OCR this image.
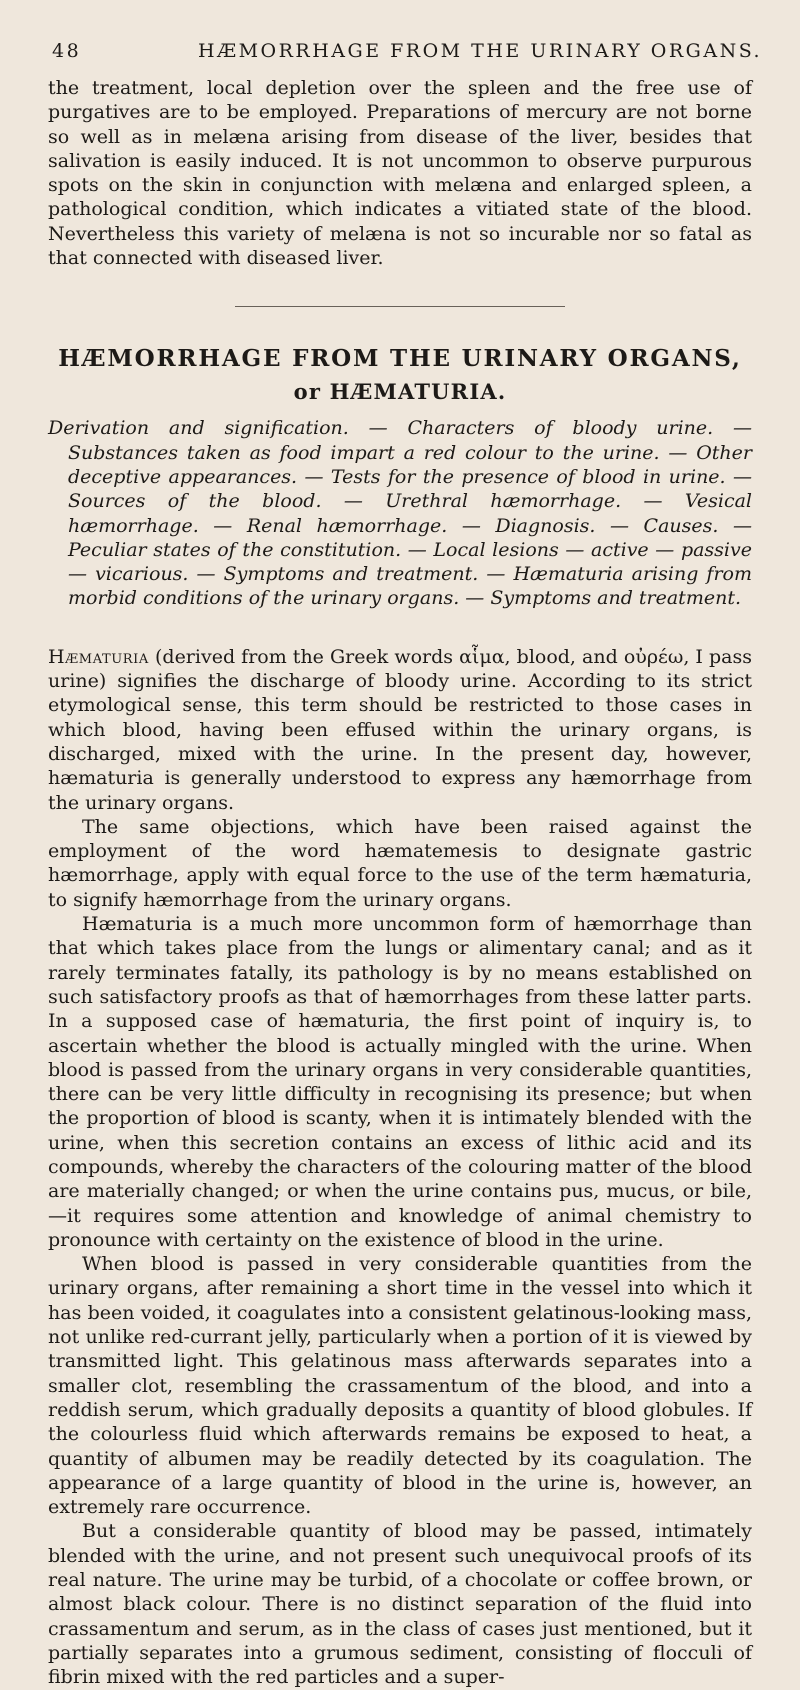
48	HÆMORRHAGE FROM THE URINARY ORGANS.

the treatment, local depletion over the spleen and the free use of purgatives are to be employed. Preparations of mercury are not borne so well as in melæna arising from disease of the liver, besides that salivation is easily induced. It is not uncommon to observe purpurous spots on the skin in conjunction with melæna and enlarged spleen, a pathological condition, which indicates a vitiated state of the blood. Nevertheless this variety of melæna is not so incurable nor so fatal as that connected with diseased liver.

HÆMORRHAGE FROM THE URINARY ORGANS,
or HÆMATURIA.

Derivation and signification. — Characters of bloody urine. — Substances taken as food impart a red colour to the urine. — Other deceptive appearances. — Tests for the presence of blood in urine. — Sources of the blood. — Urethral hæmorrhage. — Vesical hæmorrhage. — Renal hæmorrhage. — Diagnosis. — Causes. — Peculiar states of the constitution. — Local lesions — active — passive — vicarious. — Symptoms and treatment. — Hæmaturia arising from morbid conditions of the urinary organs. — Symptoms and treatment.

Hæmaturia (derived from the Greek words αἷμα, blood, and οὐρέω, I pass urine) signifies the discharge of bloody urine. According to its strict etymological sense, this term should be restricted to those cases in which blood, having been effused within the urinary organs, is discharged, mixed with the urine. In the present day, however, hæmaturia is generally understood to express any hæmorrhage from the urinary organs.

The same objections, which have been raised against the employment of the word hæmatemesis to designate gastric hæmorrhage, apply with equal force to the use of the term hæmaturia, to signify hæmorrhage from the urinary organs.

Hæmaturia is a much more uncommon form of hæmorrhage than that which takes place from the lungs or alimentary canal; and as it rarely terminates fatally, its pathology is by no means established on such satisfactory proofs as that of hæmorrhages from these latter parts. In a supposed case of hæmaturia, the first point of inquiry is, to ascertain whether the blood is actually mingled with the urine. When blood is passed from the urinary organs in very considerable quantities, there can be very little difficulty in recognising its presence; but when the proportion of blood is scanty, when it is intimately blended with the urine, when this secretion contains an excess of lithic acid and its compounds, whereby the characters of the colouring matter of the blood are materially changed; or when the urine contains pus, mucus, or bile,—it requires some attention and knowledge of animal chemistry to pronounce with certainty on the existence of blood in the urine.

When blood is passed in very considerable quantities from the urinary organs, after remaining a short time in the vessel into which it has been voided, it coagulates into a consistent gelatinous-looking mass, not unlike red-currant jelly, particularly when a portion of it is viewed by transmitted light. This gelatinous mass afterwards separates into a smaller clot, resembling the crassamentum of the blood, and into a reddish serum, which gradually deposits a quantity of blood globules. If the colourless fluid which afterwards remains be exposed to heat, a quantity of albumen may be readily detected by its coagulation. The appearance of a large quantity of blood in the urine is, however, an extremely rare occurrence.

But a considerable quantity of blood may be passed, intimately blended with the urine, and not present such unequivocal proofs of its real nature. The urine may be turbid, of a chocolate or coffee brown, or almost black colour. There is no distinct separation of the fluid into crassamentum and serum, as in the class of cases just mentioned, but it partially separates into a grumous sediment, consisting of flocculi of fibrin mixed with the red particles and a super-
